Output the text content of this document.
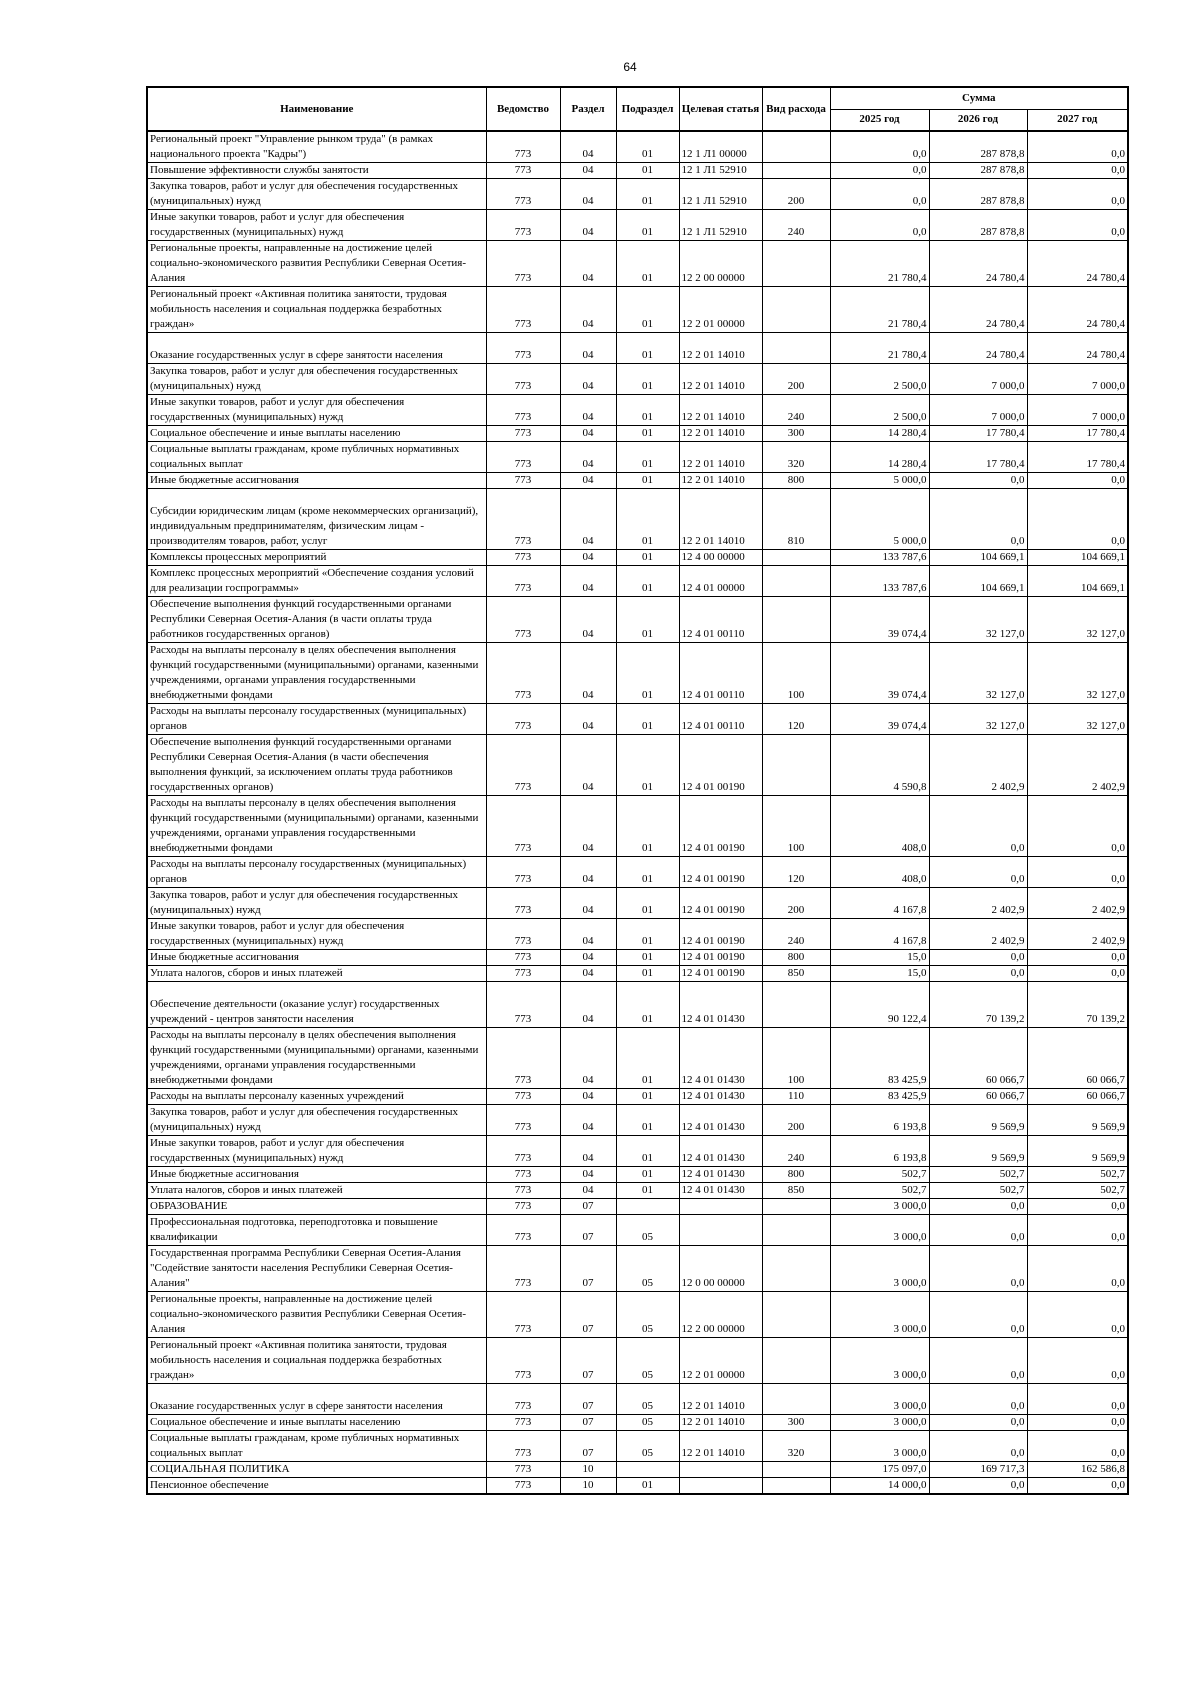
64
Наименование	Ведомство	Раздел	Подраздел	Целевая статья	Вид расхода	Сумма		
						2025 год	2026 год	2027 год
Региональный проект "Управление рынком труда" (в рамках национального проекта "Кадры")	773	04	01	12 1 Л1 00000		0,0	287 878,8	0,0
Повышение эффективности службы занятости	773	04	01	12 1 Л1 52910		0,0	287 878,8	0,0
Закупка товаров, работ и услуг для обеспечения государственных (муниципальных) нужд	773	04	01	12 1 Л1 52910	200	0,0	287 878,8	0,0
Иные закупки товаров, работ и услуг для обеспечения государственных (муниципальных) нужд	773	04	01	12 1 Л1 52910	240	0,0	287 878,8	0,0
Региональные проекты, направленные на достижение целей социально-экономического развития Республики Северная Осетия-Алания	773	04	01	12 2 00 00000		21 780,4	24 780,4	24 780,4
Региональный проект «Активная политика занятости, трудовая мобильность населения и социальная поддержка безработных граждан»	773	04	01	12 2 01 00000		21 780,4	24 780,4	24 780,4
Оказание государственных услуг в сфере занятости населения	773	04	01	12 2 01 14010		21 780,4	24 780,4	24 780,4
Закупка товаров, работ и услуг для обеспечения государственных (муниципальных) нужд	773	04	01	12 2 01 14010	200	2 500,0	7 000,0	7 000,0
Иные закупки товаров, работ и услуг для обеспечения государственных (муниципальных) нужд	773	04	01	12 2 01 14010	240	2 500,0	7 000,0	7 000,0
Социальное обеспечение и иные выплаты населению	773	04	01	12 2 01 14010	300	14 280,4	17 780,4	17 780,4
Социальные выплаты гражданам, кроме публичных нормативных социальных выплат	773	04	01	12 2 01 14010	320	14 280,4	17 780,4	17 780,4
Иные бюджетные ассигнования	773	04	01	12 2 01 14010	800	5 000,0	0,0	0,0
Субсидии юридическим лицам (кроме некоммерческих организаций), индивидуальным предпринимателям, физическим лицам - производителям товаров, работ, услуг	773	04	01	12 2 01 14010	810	5 000,0	0,0	0,0
Комплексы процессных мероприятий	773	04	01	12 4 00 00000		133 787,6	104 669,1	104 669,1
Комплекс процессных мероприятий «Обеспечение создания условий для реализации госпрограммы»	773	04	01	12 4 01 00000		133 787,6	104 669,1	104 669,1
Обеспечение выполнения функций государственными органами Республики Северная Осетия-Алания (в части оплаты труда работников государственных органов)	773	04	01	12 4 01 00110		39 074,4	32 127,0	32 127,0
Расходы на выплаты персоналу в целях обеспечения выполнения функций государственными (муниципальными) органами, казенными учреждениями, органами управления государственными внебюджетными фондами	773	04	01	12 4 01 00110	100	39 074,4	32 127,0	32 127,0
Расходы на выплаты персоналу государственных (муниципальных) органов	773	04	01	12 4 01 00110	120	39 074,4	32 127,0	32 127,0
Обеспечение выполнения функций государственными органами Республики Северная Осетия-Алания (в части обеспечения выполнения функций, за исключением оплаты труда работников государственных органов)	773	04	01	12 4 01 00190		4 590,8	2 402,9	2 402,9
Расходы на выплаты персоналу в целях обеспечения выполнения функций государственными (муниципальными) органами, казенными учреждениями, органами управления государственными внебюджетными фондами	773	04	01	12 4 01 00190	100	408,0	0,0	0,0
Расходы на выплаты персоналу государственных (муниципальных) органов	773	04	01	12 4 01 00190	120	408,0	0,0	0,0
Закупка товаров, работ и услуг для обеспечения государственных (муниципальных) нужд	773	04	01	12 4 01 00190	200	4 167,8	2 402,9	2 402,9
Иные закупки товаров, работ и услуг для обеспечения государственных (муниципальных) нужд	773	04	01	12 4 01 00190	240	4 167,8	2 402,9	2 402,9
Иные бюджетные ассигнования	773	04	01	12 4 01 00190	800	15,0	0,0	0,0
Уплата налогов, сборов и иных платежей	773	04	01	12 4 01 00190	850	15,0	0,0	0,0
Обеспечение деятельности (оказание услуг) государственных учреждений - центров занятости населения	773	04	01	12 4 01 01430		90 122,4	70 139,2	70 139,2
Расходы на выплаты персоналу в целях обеспечения выполнения функций государственными (муниципальными) органами, казенными учреждениями, органами управления государственными внебюджетными фондами	773	04	01	12 4 01 01430	100	83 425,9	60 066,7	60 066,7
Расходы на выплаты персоналу казенных учреждений	773	04	01	12 4 01 01430	110	83 425,9	60 066,7	60 066,7
Закупка товаров, работ и услуг для обеспечения государственных (муниципальных) нужд	773	04	01	12 4 01 01430	200	6 193,8	9 569,9	9 569,9
Иные закупки товаров, работ и услуг для обеспечения государственных (муниципальных) нужд	773	04	01	12 4 01 01430	240	6 193,8	9 569,9	9 569,9
Иные бюджетные ассигнования	773	04	01	12 4 01 01430	800	502,7	502,7	502,7
Уплата налогов, сборов и иных платежей	773	04	01	12 4 01 01430	850	502,7	502,7	502,7
ОБРАЗОВАНИЕ	773	07				3 000,0	0,0	0,0
Профессиональная подготовка, переподготовка и повышение квалификации	773	07	05			3 000,0	0,0	0,0
Государственная программа Республики Северная Осетия-Алания "Содействие занятости населения Республики Северная Осетия-Алания"	773	07	05	12 0 00 00000		3 000,0	0,0	0,0
Региональные проекты, направленные на достижение целей социально-экономического развития Республики Северная Осетия-Алания	773	07	05	12 2 00 00000		3 000,0	0,0	0,0
Региональный проект «Активная политика занятости, трудовая мобильность населения и социальная поддержка безработных граждан»	773	07	05	12 2 01 00000		3 000,0	0,0	0,0
Оказание государственных услуг в сфере занятости населения	773	07	05	12 2 01 14010		3 000,0	0,0	0,0
Социальное обеспечение и иные выплаты населению	773	07	05	12 2 01 14010	300	3 000,0	0,0	0,0
Социальные выплаты гражданам, кроме публичных нормативных социальных выплат	773	07	05	12 2 01 14010	320	3 000,0	0,0	0,0
СОЦИАЛЬНАЯ ПОЛИТИКА	773	10				175 097,0	169 717,3	162 586,8
Пенсионное обеспечение	773	10	01			14 000,0	0,0	0,0
